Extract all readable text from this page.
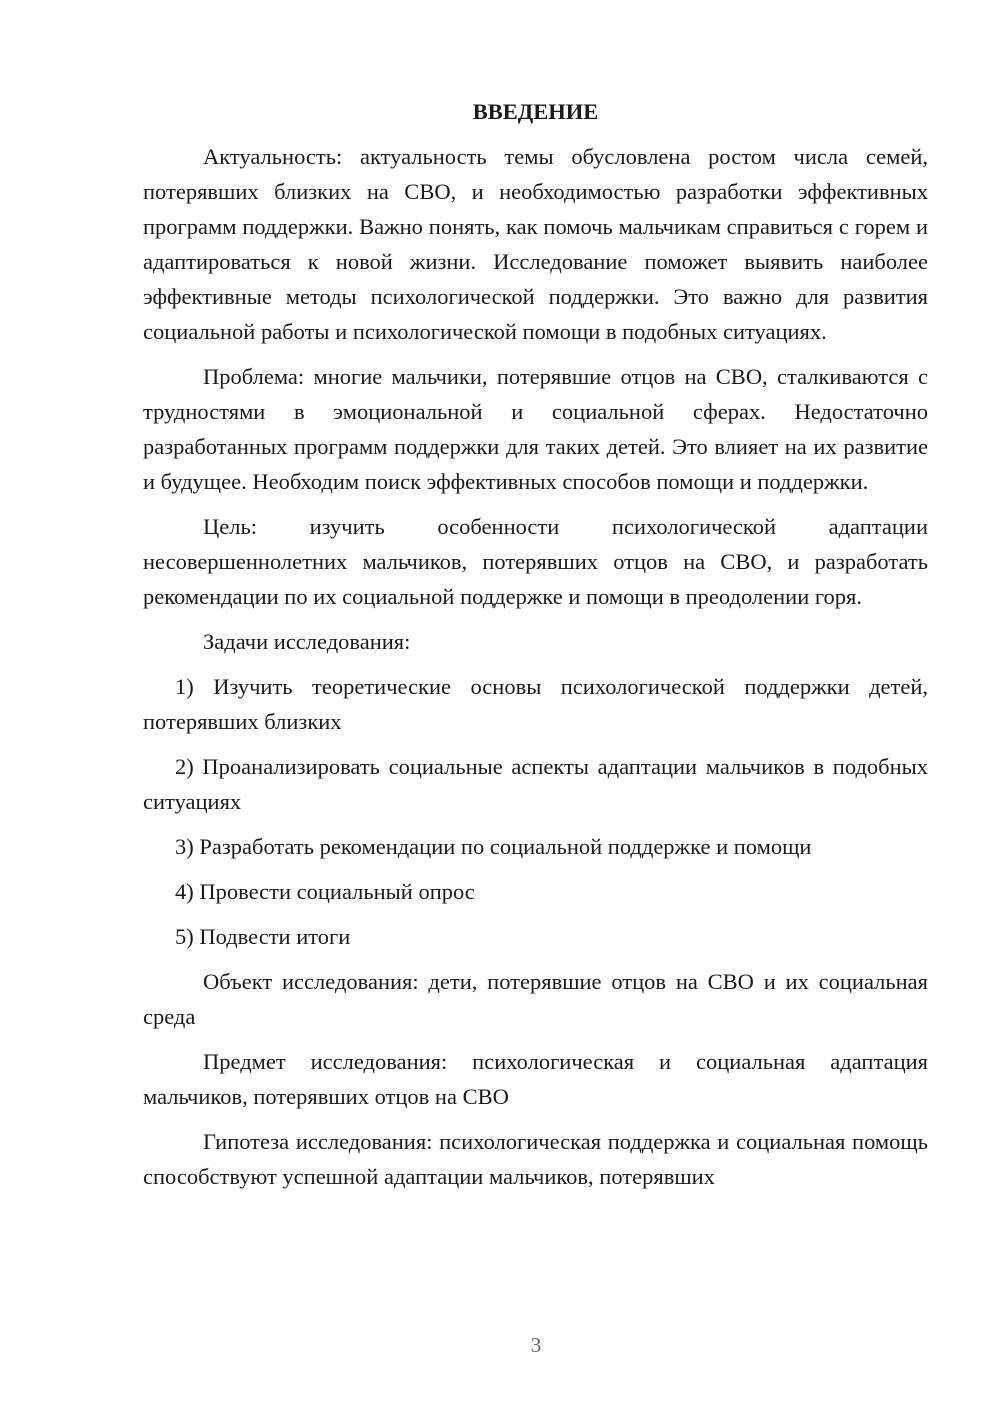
ВВЕДЕНИЕ

Актуальность: актуальность темы обусловлена ростом числа семей, потерявших близких на СВО, и необходимостью разработки эффективных программ поддержки. Важно понять, как помочь мальчикам справиться с горем и адаптироваться к новой жизни. Исследование поможет выявить наиболее эффективные методы психологической поддержки. Это важно для развития социальной работы и психологической помощи в подобных ситуациях.

Проблема: многие мальчики, потерявшие отцов на СВО, сталкиваются с трудностями в эмоциональной и социальной сферах. Недостаточно разработанных программ поддержки для таких детей. Это влияет на их развитие и будущее. Необходим поиск эффективных способов помощи и поддержки.

Цель: изучить особенности психологической адаптации несовершеннолетних мальчиков, потерявших отцов на СВО, и разработать рекомендации по их социальной поддержке и помощи в преодолении горя.

Задачи исследования:

1) Изучить теоретические основы психологической поддержки детей, потерявших близких

2) Проанализировать социальные аспекты адаптации мальчиков в подобных ситуациях

3) Разработать рекомендации по социальной поддержке и помощи

4) Провести социальный опрос

5) Подвести итоги

Объект исследования: дети, потерявшие отцов на СВО и их социальная среда

Предмет исследования: психологическая и социальная адаптация мальчиков, потерявших отцов на СВО

Гипотеза исследования: психологическая поддержка и социальная помощь способствуют успешной адаптации мальчиков, потерявших

3
